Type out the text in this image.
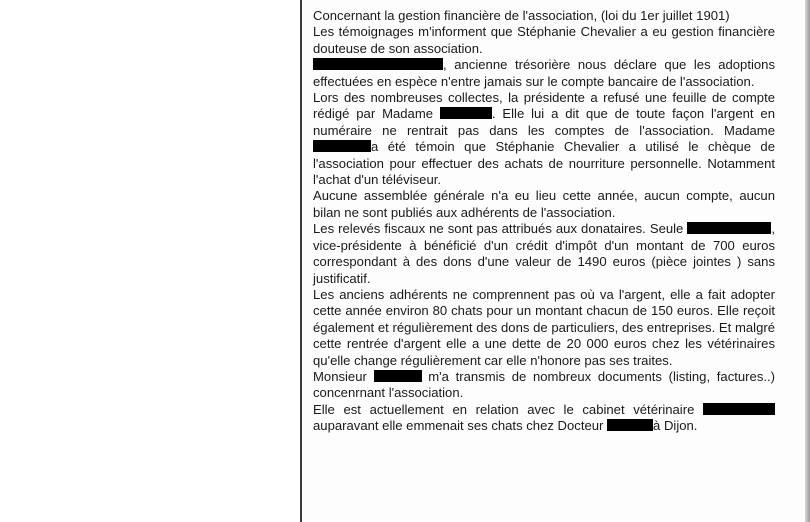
Concernant la gestion financière de l'association, (loi du 1er juillet 1901)

Les témoignages m'informent que Stéphanie Chevalier a eu gestion financière douteuse de son association.

, ancienne trésorière nous déclare que les adoptions effectuées en espèce n'entre jamais sur le compte bancaire de l'association.

Lors des nombreuses collectes, la présidente a refusé une feuille de compte rédigé par Madame	. Elle lui a dit que de toute façon l'argent en numéraire ne rentrait pas dans les comptes de l'association. Madame a été témoin que Stéphanie Chevalier a utilisé le chèque de l'association pour effectuer des achats de nourriture personnelle. Notamment l'achat d'un téléviseur.

Aucune assemblée générale n'a eu lieu cette année, aucun compte, aucun bilan ne sont publiés aux adhérents de l'association.

Les relevés fiscaux ne sont pas attribués aux donataires. Seule	, vice-présidente à bénéficié d'un crédit d'impôt d'un montant de 700 euros correspondant à des dons d'une valeur de 1490 euros (pièce jointes ) sans justificatif.

Les anciens adhérents ne comprennent pas où va l'argent, elle a fait adopter cette année environ 80 chats pour un montant chacun de 150 euros. Elle reçoit également et régulièrement des dons de particuliers, des entreprises. Et malgré cette rentrée d'argent elle a une dette de 20 000 euros chez les vétérinaires qu'elle change régulièrement car elle n'honore pas ses traites.

Monsieur	m'a transmis de nombreux documents (listing, factures..) concenrnant l'association.

Elle est actuellement en relation avec le cabinet vétérinaire  auparavant elle emmenait ses chats chez Docteur	à Dijon.
